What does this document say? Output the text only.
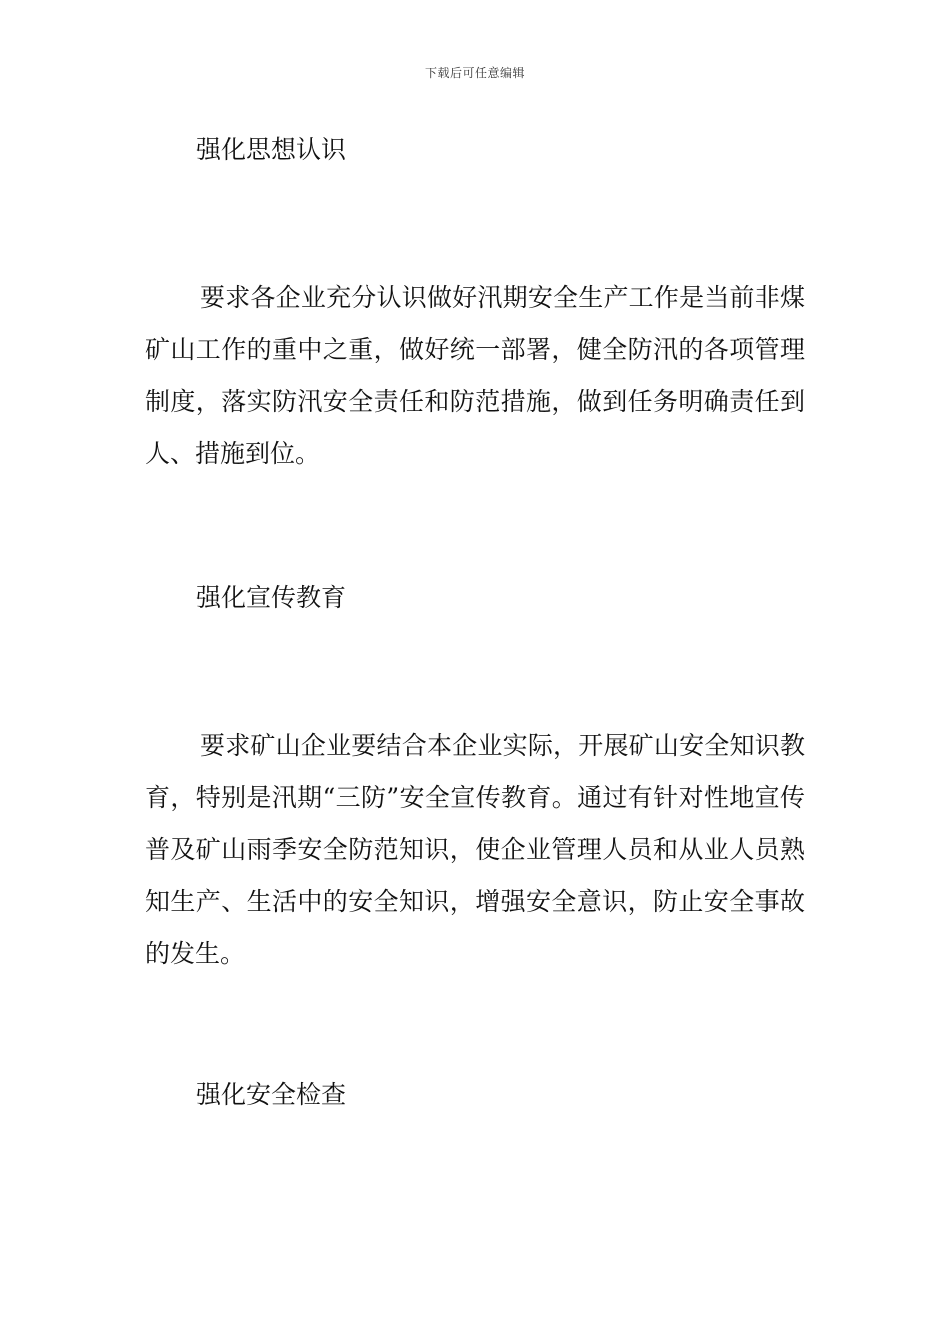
下载后可任意编辑
强化思想认识

要求各企业充分认识做好汛期安全生产工作是当前非煤矿山工作的重中之重，做好统一部署，健全防汛的各项管理制度，落实防汛安全责任和防范措施，做到任务明确责任到人、措施到位。

强化宣传教育

要求矿山企业要结合本企业实际，开展矿山安全知识教育，特别是汛期“三防”安全宣传教育。通过有针对性地宣传普及矿山雨季安全防范知识，使企业管理人员和从业人员熟知生产、生活中的安全知识，增强安全意识，防止安全事故的发生。

强化安全检查
